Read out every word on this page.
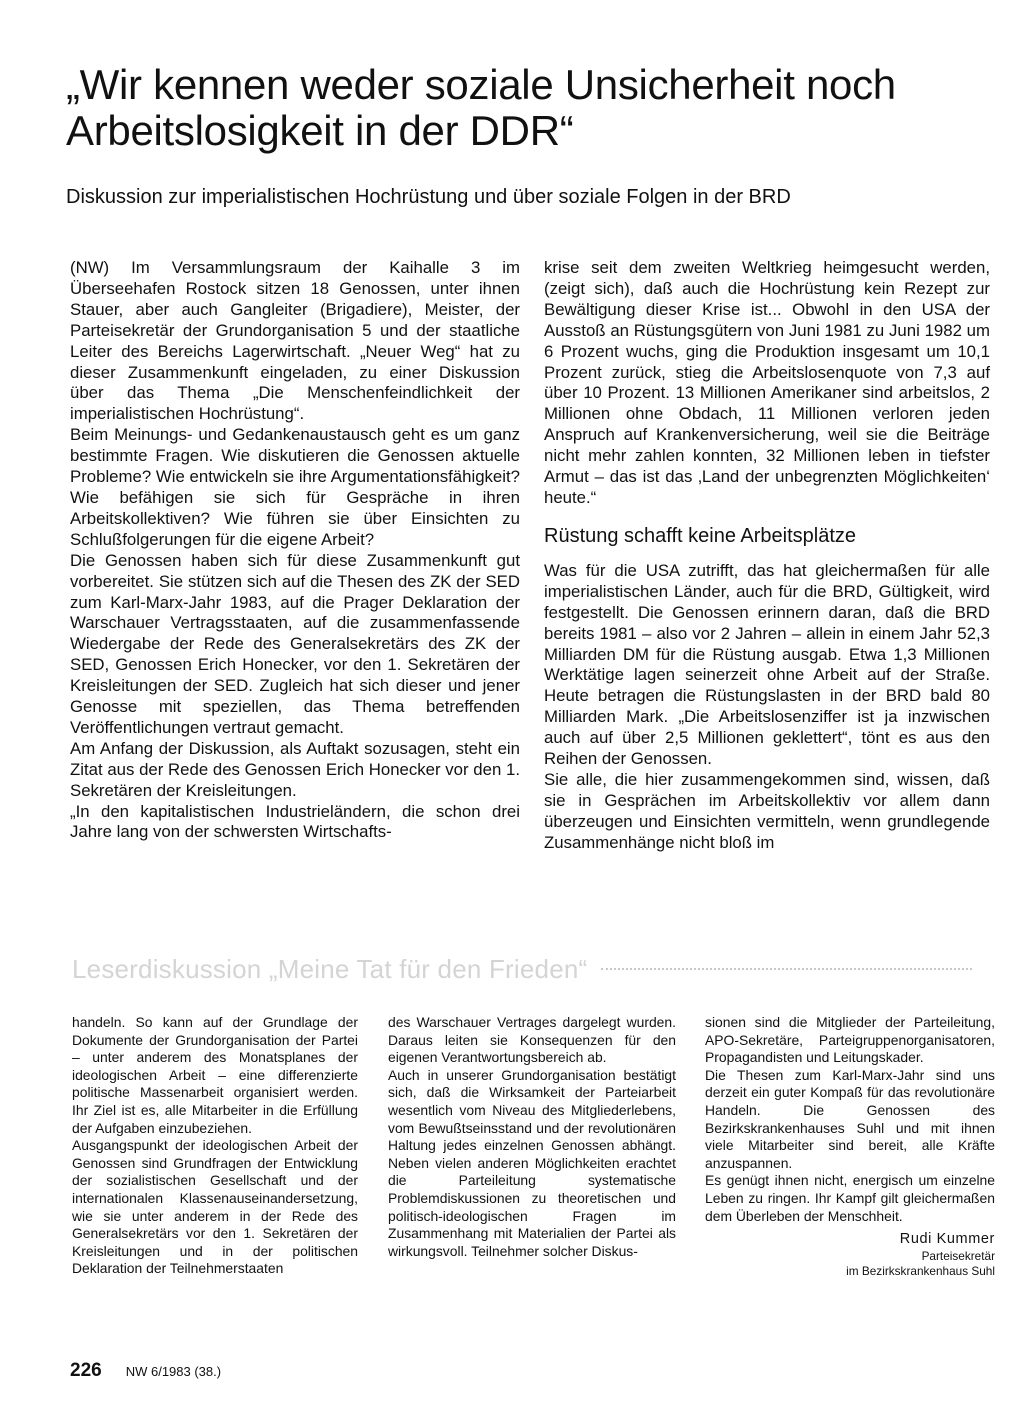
„Wir kennen weder soziale Unsicherheit noch Arbeitslosigkeit in der DDR“
Diskussion zur imperialistischen Hochrüstung und über soziale Folgen in der BRD

(NW) Im Versammlungsraum der Kaihalle 3 im Überseehafen Rostock sitzen 18 Genossen, unter ihnen Stauer, aber auch Gangleiter (Brigadiere), Meister, der Parteisekretär der Grundorganisation 5 und der staatliche Leiter des Bereichs Lagerwirtschaft. „Neuer Weg“ hat zu dieser Zusammenkunft eingeladen, zu einer Diskussion über das Thema „Die Menschenfeindlichkeit der imperialistischen Hochrüstung“.

Beim Meinungs- und Gedankenaustausch geht es um ganz bestimmte Fragen. Wie diskutieren die Genossen aktuelle Probleme? Wie entwickeln sie ihre Argumentationsfähigkeit? Wie befähigen sie sich für Gespräche in ihren Arbeitskollektiven? Wie führen sie über Einsichten zu Schlußfolgerungen für die eigene Arbeit?

Die Genossen haben sich für diese Zusammenkunft gut vorbereitet. Sie stützen sich auf die Thesen des ZK der SED zum Karl-Marx-Jahr 1983, auf die Prager Deklaration der Warschauer Vertragsstaaten, auf die zusammenfassende Wiedergabe der Rede des Generalsekretärs des ZK der SED, Genossen Erich Honecker, vor den 1. Sekretären der Kreisleitungen der SED. Zugleich hat sich dieser und jener Genosse mit speziellen, das Thema betreffenden Veröffentlichungen vertraut gemacht.

Am Anfang der Diskussion, als Auftakt sozusagen, steht ein Zitat aus der Rede des Genossen Erich Honecker vor den 1. Sekretären der Kreisleitungen.

„In den kapitalistischen Industrieländern, die schon drei Jahre lang von der schwersten Wirtschafts-

krise seit dem zweiten Weltkrieg heimgesucht werden, (zeigt sich), daß auch die Hochrüstung kein Rezept zur Bewältigung dieser Krise ist... Obwohl in den USA der Ausstoß an Rüstungsgütern von Juni 1981 zu Juni 1982 um 6 Prozent wuchs, ging die Produktion insgesamt um 10,1 Prozent zurück, stieg die Arbeitslosenquote von 7,3 auf über 10 Prozent. 13 Millionen Amerikaner sind arbeitslos, 2 Millionen ohne Obdach, 11 Millionen verloren jeden Anspruch auf Krankenversicherung, weil sie die Beiträge nicht mehr zahlen konnten, 32 Millionen leben in tiefster Armut – das ist das ‚Land der unbegrenzten Möglichkeiten‘ heute.“

Rüstung schafft keine Arbeitsplätze

Was für die USA zutrifft, das hat gleichermaßen für alle imperialistischen Länder, auch für die BRD, Gültigkeit, wird festgestellt. Die Genossen erinnern daran, daß die BRD bereits 1981 – also vor 2 Jahren – allein in einem Jahr 52,3 Milliarden DM für die Rüstung ausgab. Etwa 1,3 Millionen Werktätige lagen seinerzeit ohne Arbeit auf der Straße. Heute betragen die Rüstungslasten in der BRD bald 80 Milliarden Mark. „Die Arbeitslosenziffer ist ja inzwischen auch auf über 2,5 Millionen geklettert“, tönt es aus den Reihen der Genossen.

Sie alle, die hier zusammengekommen sind, wissen, daß sie in Gesprächen im Arbeitskollektiv vor allem dann überzeugen und Einsichten vermitteln, wenn grundlegende Zusammenhänge nicht bloß im

Leserdiskussion „Meine Tat für den Frieden“

handeln. So kann auf der Grundlage der Dokumente der Grundorganisation der Partei – unter anderem des Monatsplanes der ideologischen Arbeit – eine differenzierte politische Massenarbeit organisiert werden. Ihr Ziel ist es, alle Mitarbeiter in die Erfüllung der Aufgaben einzubeziehen.

Ausgangspunkt der ideologischen Arbeit der Genossen sind Grundfragen der Entwicklung der sozialistischen Gesellschaft und der internationalen Klassenauseinandersetzung, wie sie unter anderem in der Rede des Generalsekretärs vor den 1. Sekretären der Kreisleitungen und in der politischen Deklaration der Teilnehmerstaaten

des Warschauer Vertrages dargelegt wurden. Daraus leiten sie Konsequenzen für den eigenen Verantwortungsbereich ab.

Auch in unserer Grundorganisation bestätigt sich, daß die Wirksamkeit der Parteiarbeit wesentlich vom Niveau des Mitgliederlebens, vom Bewußtseinsstand und der revolutionären Haltung jedes einzelnen Genossen abhängt. Neben vielen anderen Möglichkeiten erachtet die Parteileitung systematische Problemdiskussionen zu theoretischen und politisch-ideologischen Fragen im Zusammenhang mit Materialien der Partei als wirkungsvoll. Teilnehmer solcher Diskus-

sionen sind die Mitglieder der Parteileitung, APO-Sekretäre, Parteigruppenorganisatoren, Propagandisten und Leitungskader.

Die Thesen zum Karl-Marx-Jahr sind uns derzeit ein guter Kompaß für das revolutionäre Handeln. Die Genossen des Bezirkskrankenhauses Suhl und mit ihnen viele Mitarbeiter sind bereit, alle Kräfte anzuspannen.

Es genügt ihnen nicht, energisch um einzelne Leben zu ringen. Ihr Kampf gilt gleichermaßen dem Überleben der Menschheit.

Rudi Kummer
Parteisekretär
im Bezirkskrankenhaus Suhl
226 NW 6/1983 (38.)
